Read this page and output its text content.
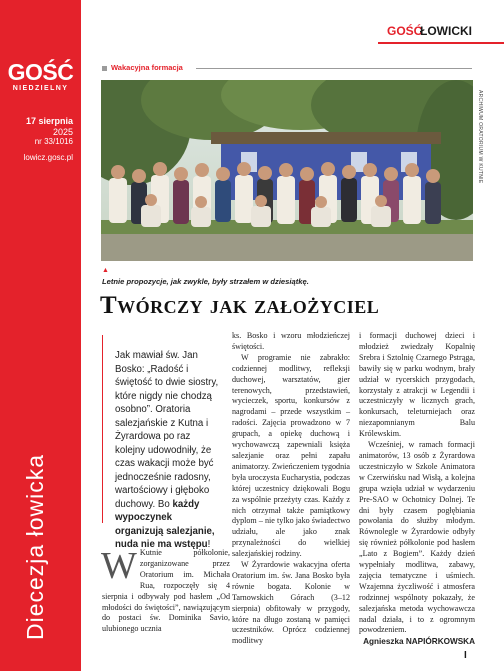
GOŚĆ
NIEDZIELNY
17 sierpnia
2025
nr 33/1016
lowicz.gosc.pl
Diecezja łowicka
GOŚĆ
ŁOWICKI
Wakacyjna formacja
ARCHIWUM ORATORIUM W KUTNIE
▲
Letnie propozycje, jak zwykle, były strzałem w dziesiątkę.
Twórczy jak założyciel
Jak mawiał św. Jan Bosko: „Radość i świętość to dwie siostry, które nigdy nie chodzą osobno”. Oratoria salezjańskie z Kutna i Żyrardowa po raz kolejny udowodniły, że czas wakacji może być jednocześnie radosny, wartościowy i głęboko duchowy. Bo każdy wypoczynek organizują salezjanie, nuda nie ma wstępu!
W Kutnie półkolonie, zorganizowane przez Oratorium im. Michała Rua, rozpoczęły się 4 sierpnia i odbywały pod hasłem „Od młodości do świętości”, nawiązującym do postaci św. Dominika Savio, ulubionego ucznia

ks. Bosko i wzoru młodzieńczej świętości.

W programie nie zabrakło: codziennej modlitwy, refleksji duchowej, warsztatów, gier terenowych, przedstawień, wycieczek, sportu, konkursów z nagrodami – przede wszystkim – radości. Zajęcia prowadzono w 7 grupach, a opiekę duchową i wychowawczą zapewniali księża salezjanie oraz pełni zapału animatorzy. Zwieńczeniem tygodnia była uroczysta Eucharystia, podczas której uczestnicy dziękowali Bogu za wspólnie przeżyty czas. Każdy z nich otrzymał także pamiątkowy dyplom – nie tylko jako świadectwo udziału, ale jako znak przynależności do wielkiej salezjańskiej rodziny.

W Żyrardowie wakacyjna oferta Oratorium im. św. Jana Bosko była równie bogata. Kolonie w Tarnowskich Górach (3–12 sierpnia) obfitowały w przygody, które na długo zostaną w pamięci uczestników. Oprócz codziennej modlitwy

i formacji duchowej dzieci i młodzież zwiedzały Kopalnię Srebra i Sztolnię Czarnego Pstrąga, bawiły się w parku wodnym, brały udział w rycerskich przygodach, korzystały z atrakcji w Legendii i uczestniczyły w licznych grach, konkursach, teleturniejach oraz niezapomnianym Balu Królewskim.

Wcześniej, w ramach formacji animatorów, 13 osób z Żyrardowa uczestniczyło w Szkole Animatora w Czerwińsku nad Wisłą, a kolejna grupa wzięła udział w wydarzeniu Pre-SAO w Ochotnicy Dolnej. Te dni były czasem pogłębiania powołania do służby młodym. Równolegle w Żyrardowie odbyły się również półkolonie pod hasłem „Lato z Bogiem”. Każdy dzień wypełniały modlitwa, zabawy, zajęcia tematyczne i uśmiech. Wzajemna życzliwość i atmosfera rodzinnej wspólnoty pokazały, że salezjańska metoda wychowawcza nadal działa, i to z ogromnym powodzeniem.

Agnieszka NAPIÓRKOWSKA
I
